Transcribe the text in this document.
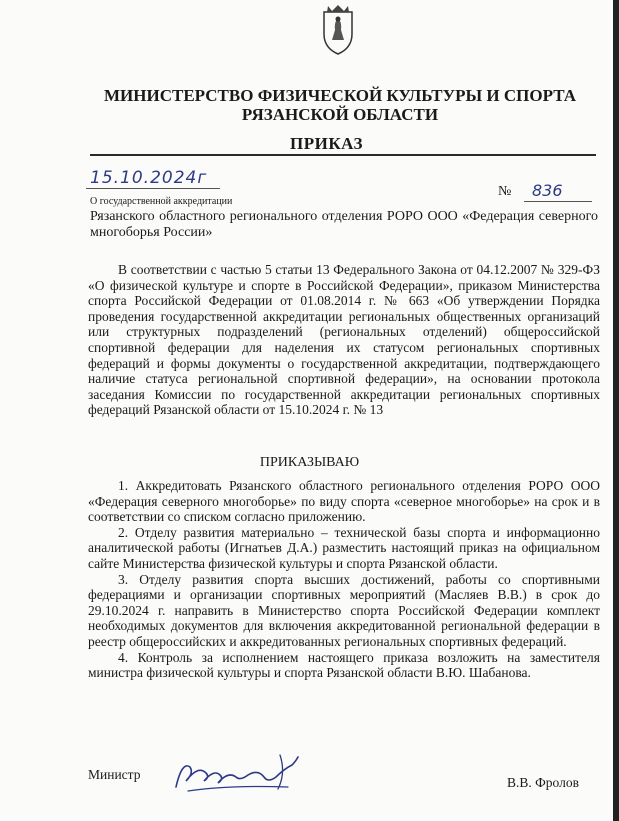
МИНИСТЕРСТВО ФИЗИЧЕСКОЙ КУЛЬТУРЫ И СПОРТА
РЯЗАНСКОЙ ОБЛАСТИ
ПРИКАЗ
15.10.2024г
№ 836
О государственной аккредитации
Рязанского областного регионального отделения РОРО ООО «Федерация северного многоборья России»
В соответствии с частью 5 статьи 13 Федерального Закона от 04.12.2007 № 329-ФЗ «О физической культуре и спорте в Российской Федерации», приказом Министерства спорта Российской Федерации от 01.08.2014 г. № 663 «Об утверждении Порядка проведения государственной аккредитации региональных общественных организаций или структурных подразделений (региональных отделений) общероссийской спортивной федерации для наделения их статусом региональных спортивных федераций и формы документы о государственной аккредитации, подтверждающего наличие статуса региональной спортивной федерации», на основании протокола заседания Комиссии по государственной аккредитации региональных спортивных федераций Рязанской области от 15.10.2024 г. № 13
ПРИКАЗЫВАЮ

1. Аккредитовать Рязанского областного регионального отделения РОРО ООО «Федерация северного многоборье» по виду спорта «северное многоборье» на срок и в соответствии со списком согласно приложению.

2. Отделу развития материально – технической базы спорта и информационно аналитической работы (Игнатьев Д.А.) разместить настоящий приказ на официальном сайте Министерства физической культуры и спорта Рязанской области.

3. Отделу развития спорта высших достижений, работы со спортивными федерациями и организации спортивных мероприятий (Масляев В.В.) в срок до 29.10.2024 г. направить в Министерство спорта Российской Федерации комплект необходимых документов для включения аккредитованной региональной федерации в реестр общероссийских и аккредитованных региональных спортивных федераций.

4. Контроль за исполнением настоящего приказа возложить на заместителя министра физической культуры и спорта Рязанской области В.Ю. Шабанова.

Министр
В.В. Фролов
